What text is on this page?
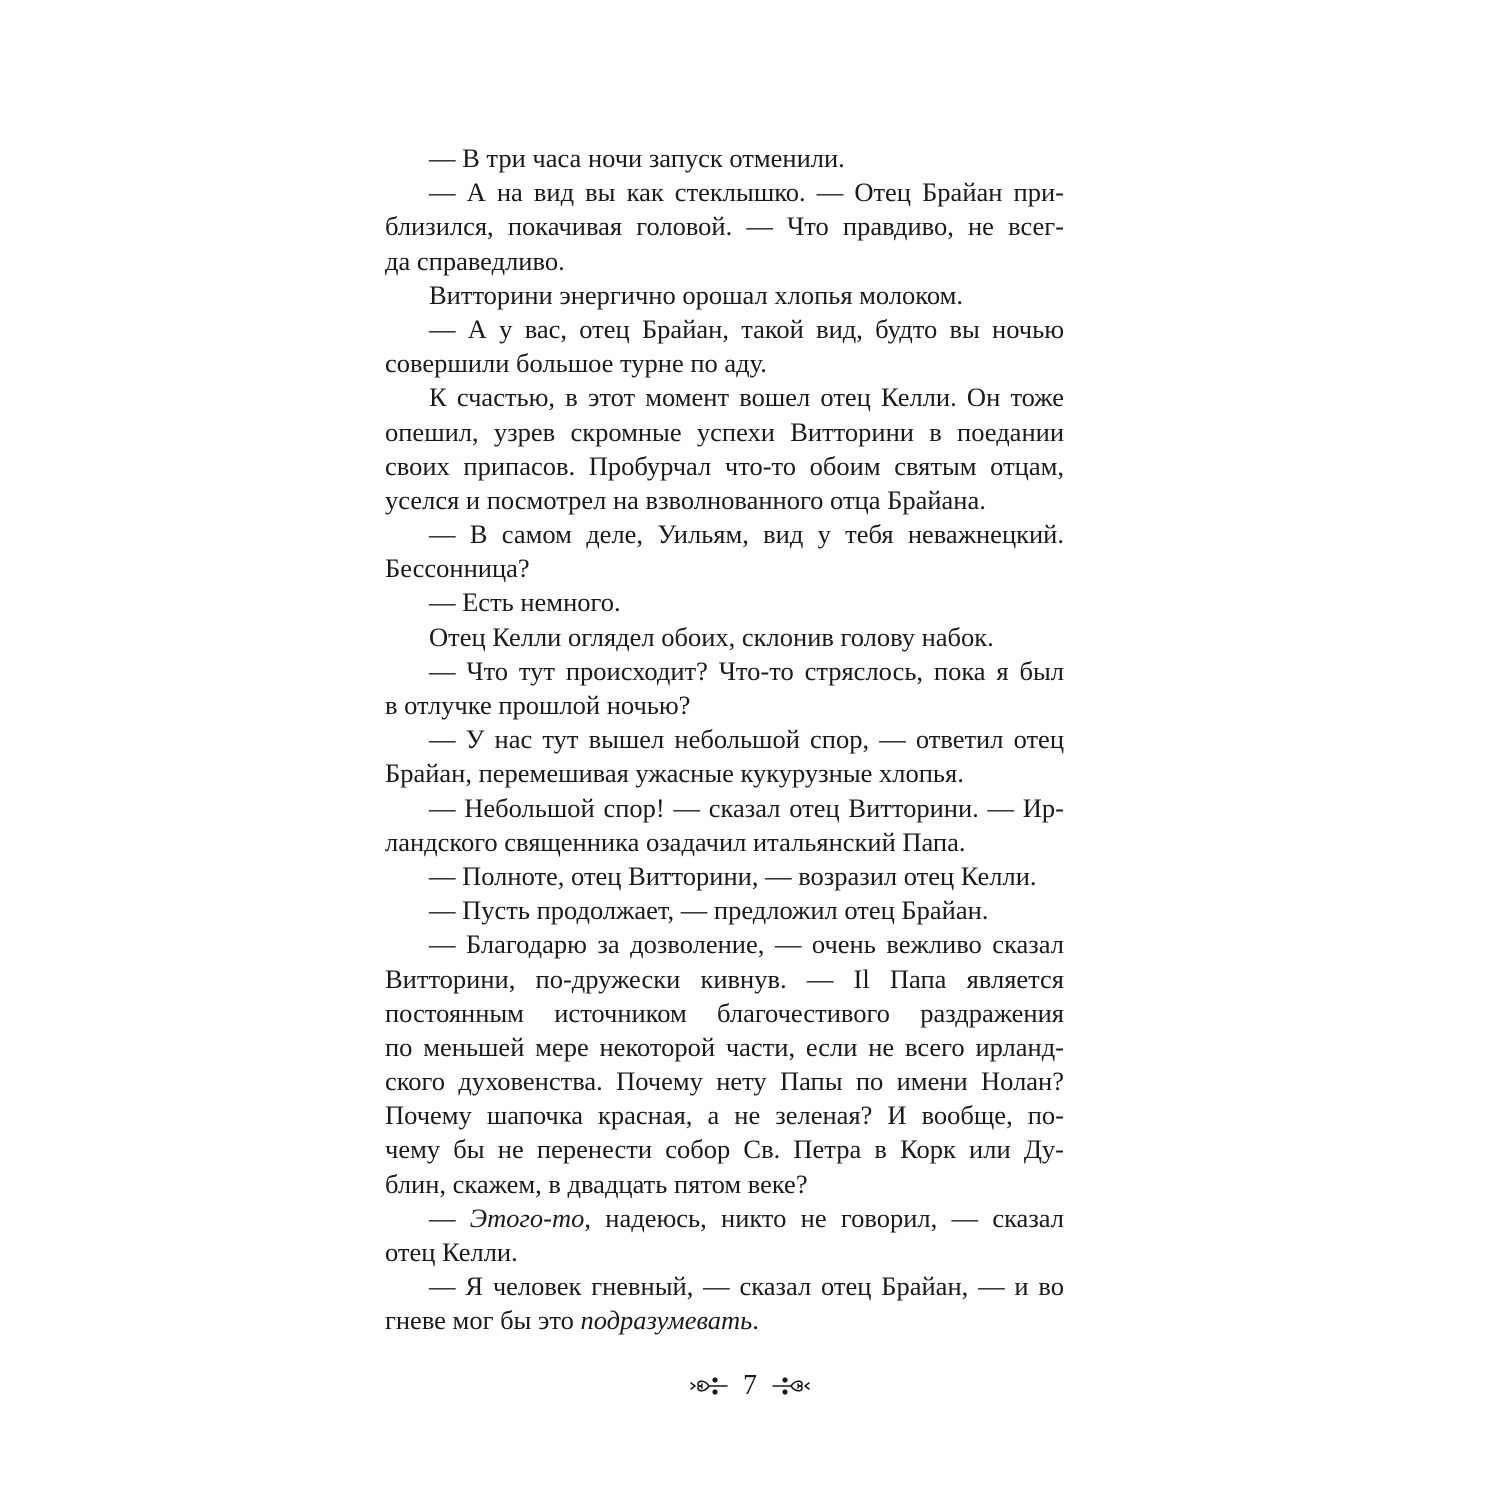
— В три часа ночи запуск отменили.
— А на вид вы как стеклышко. — Отец Брайан при-
близился, покачивая головой. — Что правдиво, не всег-
да справедливо.
Витторини энергично орошал хлопья молоком.
— А у вас, отец Брайан, такой вид, будто вы ночью
совершили большое турне по аду.
К счастью, в этот момент вошел отец Келли. Он тоже
опешил, узрев скромные успехи Витторини в поедании
своих припасов. Пробурчал что-то обоим святым отцам,
уселся и посмотрел на взволнованного отца Брайана.
— В самом деле, Уильям, вид у тебя неважнецкий.
Бессонница?
— Есть немного.
Отец Келли оглядел обоих, склонив голову набок.
— Что тут происходит? Что-то стряслось, пока я был
в отлучке прошлой ночью?
— У нас тут вышел небольшой спор, — ответил отец
Брайан, перемешивая ужасные кукурузные хлопья.
— Небольшой спор! — сказал отец Витторини. — Ир-
ландского священника озадачил итальянский Папа.
— Полноте, отец Витторини, — возразил отец Келли.
— Пусть продолжает, — предложил отец Брайан.
— Благодарю за дозволение, — очень вежливо сказал
Витторини, по-дружески кивнув. — Il Папа является
постоянным источником благочестивого раздражения
по меньшей мере некоторой части, если не всего ирланд-
ского духовенства. Почему нету Папы по имени Нолан?
Почему шапочка красная, а не зеленая? И вообще, по-
чему бы не перенести собор Св. Петра в Корк или Ду-
блин, скажем, в двадцать пятом веке?
— Этого-то, надеюсь, никто не говорил, — сказал
отец Келли.
— Я человек гневный, — сказал отец Брайан, — и во
гневе мог бы это подразумевать.
7
